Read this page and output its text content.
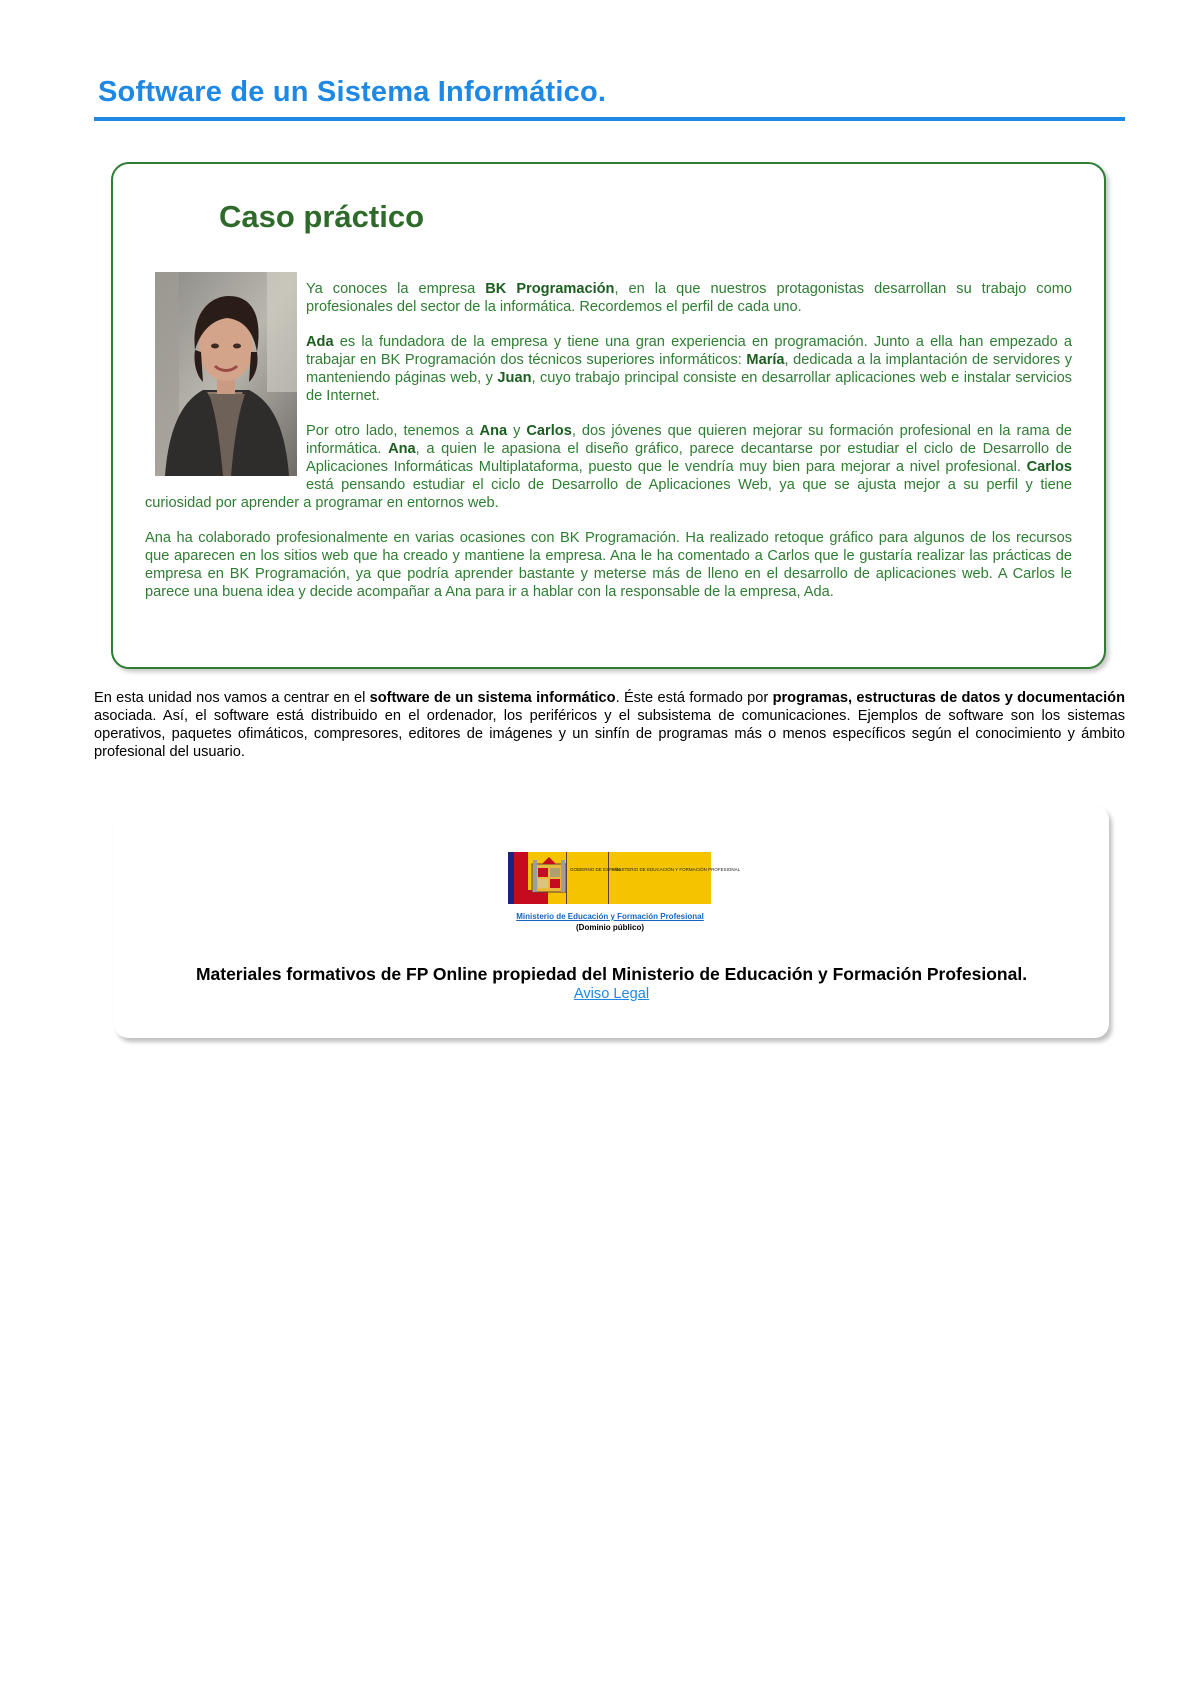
Software de un Sistema Informático.
Caso práctico

Ya conoces la empresa BK Programación, en la que nuestros protagonistas desarrollan su trabajo como profesionales del sector de la informática. Recordemos el perfil de cada uno.

Ada es la fundadora de la empresa y tiene una gran experiencia en programación. Junto a ella han empezado a trabajar en BK Programación dos técnicos superiores informáticos: María, dedicada a la implantación de servidores y manteniendo páginas web, y Juan, cuyo trabajo principal consiste en desarrollar aplicaciones web e instalar servicios de Internet.

Por otro lado, tenemos a Ana y Carlos, dos jóvenes que quieren mejorar su formación profesional en la rama de informática. Ana, a quien le apasiona el diseño gráfico, parece decantarse por estudiar el ciclo de Desarrollo de Aplicaciones Informáticas Multiplataforma, puesto que le vendría muy bien para mejorar a nivel profesional. Carlos está pensando estudiar el ciclo de Desarrollo de Aplicaciones Web, ya que se ajusta mejor a su perfil y tiene curiosidad por aprender a programar en entornos web.

Ana ha colaborado profesionalmente en varias ocasiones con BK Programación. Ha realizado retoque gráfico para algunos de los recursos que aparecen en los sitios web que ha creado y mantiene la empresa. Ana le ha comentado a Carlos que le gustaría realizar las prácticas de empresa en BK Programación, ya que podría aprender bastante y meterse más de lleno en el desarrollo de aplicaciones web. A Carlos le parece una buena idea y decide acompañar a Ana para ir a hablar con la responsable de la empresa, Ada.

En esta unidad nos vamos a centrar en el software de un sistema informático. Éste está formado por programas, estructuras de datos y documentación asociada. Así, el software está distribuido en el ordenador, los periféricos y el subsistema de comunicaciones. Ejemplos de software son los sistemas operativos, paquetes ofimáticos, compresores, editores de imágenes y un sinfín de programas más o menos específicos según el conocimiento y ámbito profesional del usuario.

GOBIERNO DE ESPAÑA
MINISTERIO DE EDUCACIÓN Y FORMACIÓN PROFESIONAL
Ministerio de Educación y Formación Profesional
(Dominio público)

Materiales formativos de FP Online propiedad del Ministerio de Educación y Formación Profesional.

Aviso Legal
